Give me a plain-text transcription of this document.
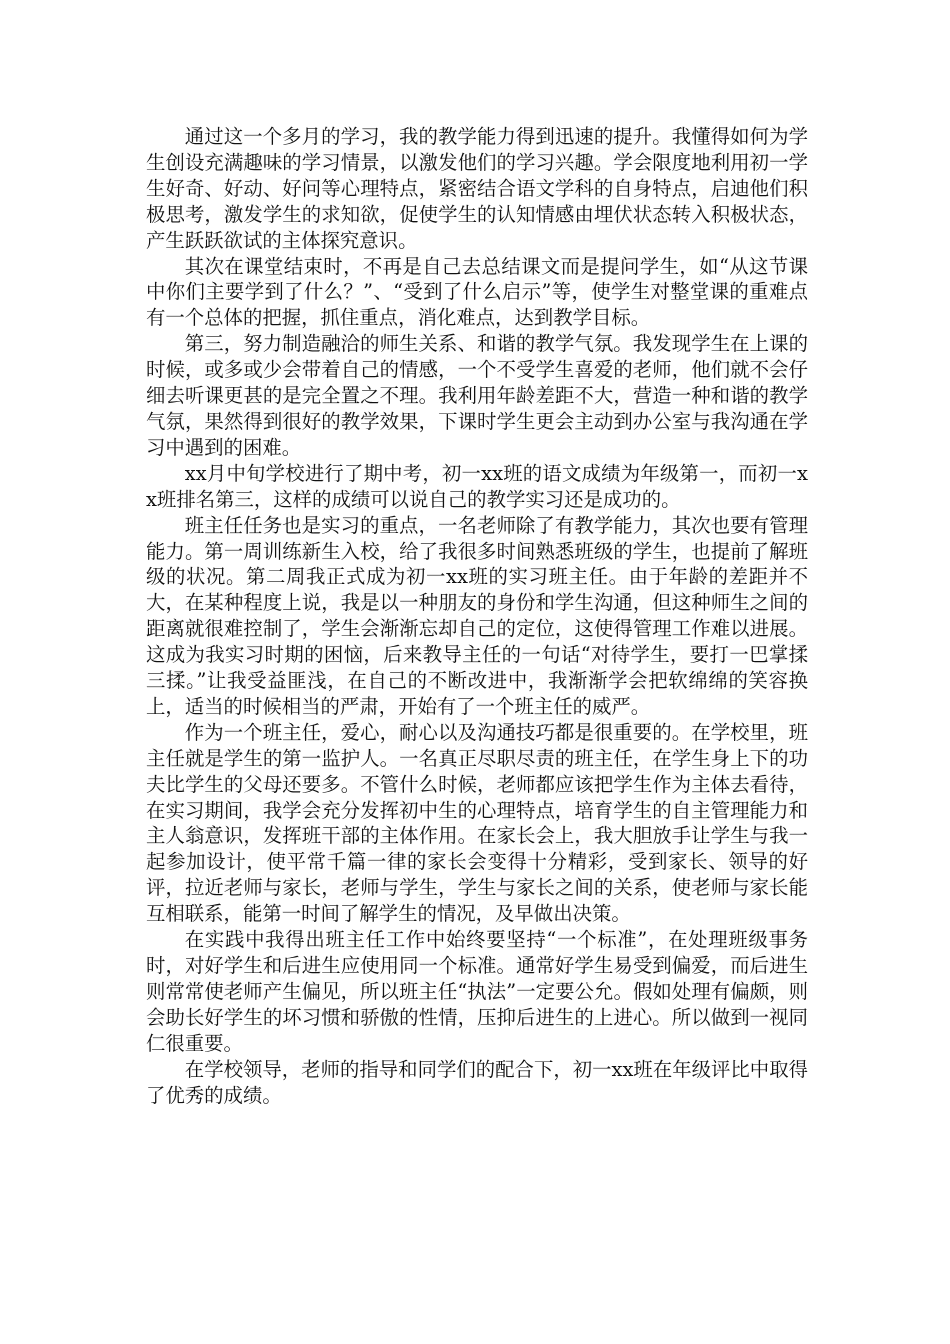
通过这一个多月的学习，我的教学能力得到迅速的提升。我懂得如何为学生创设充满趣味的学习情景，以激发他们的学习兴趣。学会限度地利用初一学生好奇、好动、好问等心理特点，紧密结合语文学科的自身特点，启迪他们积极思考，激发学生的求知欲，促使学生的认知情感由埋伏状态转入积极状态，产生跃跃欲试的主体探究意识。

其次在课堂结束时，不再是自己去总结课文而是提问学生，如“从这节课中你们主要学到了什么？”、“受到了什么启示”等，使学生对整堂课的重难点有一个总体的把握，抓住重点，消化难点，达到教学目标。

第三，努力制造融洽的师生关系、和谐的教学气氛。我发现学生在上课的时候，或多或少会带着自己的情感，一个不受学生喜爱的老师，他们就不会仔细去听课更甚的是完全置之不理。我利用年龄差距不大，营造一种和谐的教学气氛，果然得到很好的教学效果，下课时学生更会主动到办公室与我沟通在学习中遇到的困难。

xx月中旬学校进行了期中考，初一xx班的语文成绩为年级第一，而初一xx班排名第三，这样的成绩可以说自己的教学实习还是成功的。

班主任任务也是实习的重点，一名老师除了有教学能力，其次也要有管理能力。第一周训练新生入校，给了我很多时间熟悉班级的学生，也提前了解班级的状况。第二周我正式成为初一xx班的实习班主任。由于年龄的差距并不大，在某种程度上说，我是以一种朋友的身份和学生沟通，但这种师生之间的距离就很难控制了，学生会渐渐忘却自己的定位，这使得管理工作难以进展。这成为我实习时期的困恼，后来教导主任的一句话“对待学生，要打一巴掌揉三揉。”让我受益匪浅，在自己的不断改进中，我渐渐学会把软绵绵的笑容换上，适当的时候相当的严肃，开始有了一个班主任的威严。

作为一个班主任，爱心，耐心以及沟通技巧都是很重要的。在学校里，班主任就是学生的第一监护人。一名真正尽职尽责的班主任，在学生身上下的功夫比学生的父母还要多。不管什么时候，老师都应该把学生作为主体去看待，在实习期间，我学会充分发挥初中生的心理特点，培育学生的自主管理能力和主人翁意识，发挥班干部的主体作用。在家长会上，我大胆放手让学生与我一起参加设计，使平常千篇一律的家长会变得十分精彩，受到家长、领导的好评，拉近老师与家长，老师与学生，学生与家长之间的关系，使老师与家长能互相联系，能第一时间了解学生的情况，及早做出决策。

在实践中我得出班主任工作中始终要坚持“一个标准”，在处理班级事务时，对好学生和后进生应使用同一个标准。通常好学生易受到偏爱，而后进生则常常使老师产生偏见，所以班主任“执法”一定要公允。假如处理有偏颇，则会助长好学生的坏习惯和骄傲的性情，压抑后进生的上进心。所以做到一视同仁很重要。

在学校领导，老师的指导和同学们的配合下，初一xx班在年级评比中取得了优秀的成绩。
